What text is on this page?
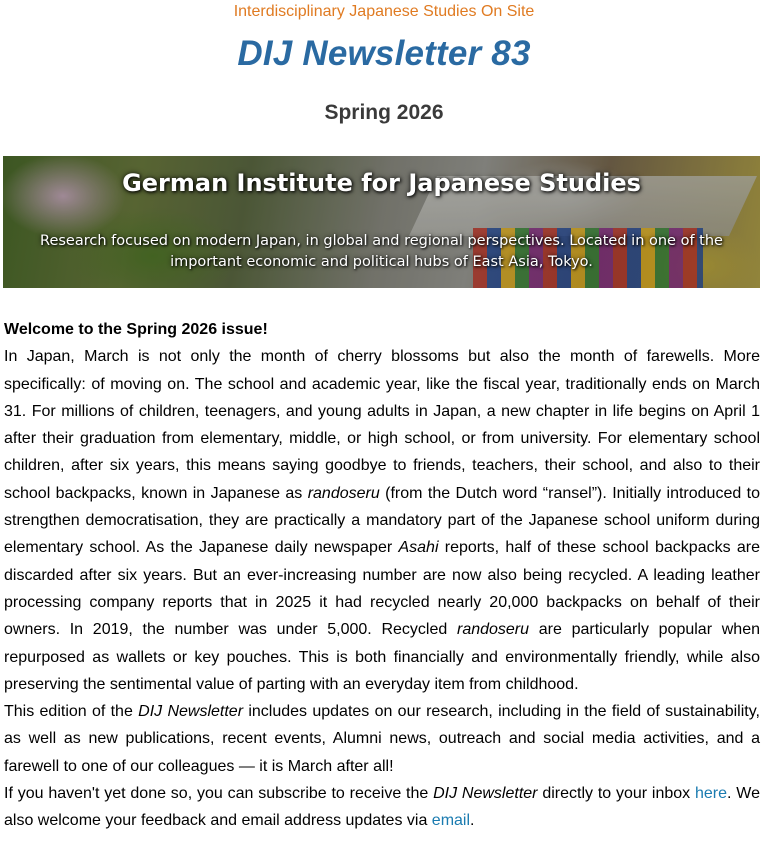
Interdisciplinary Japanese Studies On Site
DIJ Newsletter 83
Spring 2026
German Institute for Japanese Studies
Research focused on modern Japan, in global and regional perspectives. Located in one of the important economic and political hubs of East Asia, Tokyo.

Welcome to the Spring 2026 issue!

In Japan, March is not only the month of cherry blossoms but also the month of farewells. More specifically: of moving on. The school and academic year, like the fiscal year, traditionally ends on March 31. For millions of children, teenagers, and young adults in Japan, a new chapter in life begins on April 1 after their graduation from elementary, middle, or high school, or from university. For elementary school children, after six years, this means saying goodbye to friends, teachers, their school, and also to their school backpacks, known in Japanese as randoseru (from the Dutch word “ransel”). Initially introduced to strengthen democratisation, they are practically a mandatory part of the Japanese school uniform during elementary school. As the Japanese daily newspaper Asahi reports, half of these school backpacks are discarded after six years. But an ever-increasing number are now also being recycled. A leading leather processing company reports that in 2025 it had recycled nearly 20,000 backpacks on behalf of their owners. In 2019, the number was under 5,000. Recycled randoseru are particularly popular when repurposed as wallets or key pouches. This is both financially and environmentally friendly, while also preserving the sentimental value of parting with an everyday item from childhood.

This edition of the DIJ Newsletter includes updates on our research, including in the field of sustainability, as well as new publications, recent events, Alumni news, outreach and social media activities, and a farewell to one of our colleagues — it is March after all!

If you haven't yet done so, you can subscribe to receive the DIJ Newsletter directly to your inbox here. We also welcome your feedback and email address updates via email.
